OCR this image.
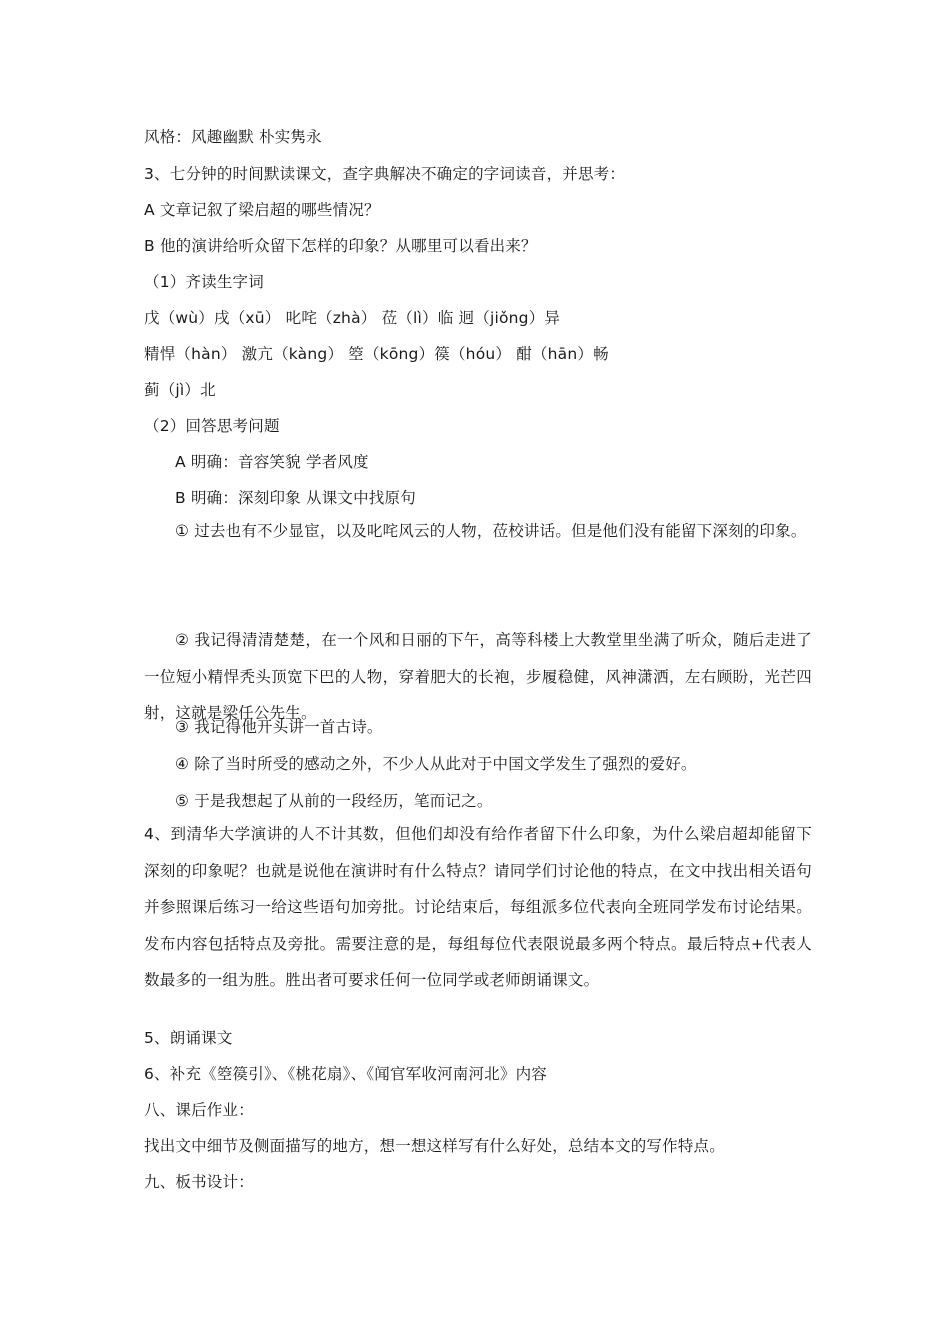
风格：风趣幽默 朴实隽永
3、七分钟的时间默读课文，查字典解决不确定的字词读音，并思考：
A 文章记叙了梁启超的哪些情况？
B 他的演讲给听众留下怎样的印象？从哪里可以看出来？
（1）齐读生字词
戊（wù）戌（xū） 叱咤（zhà） 莅（lì）临 迥（jiǒng）异
精悍（hàn） 激亢（kàng） 箜（kōng）篌（hóu） 酣（hān）畅
蓟（jì）北
（2）回答思考问题
A 明确：音容笑貌 学者风度
B 明确：深刻印象 从课文中找原句
① 过去也有不少显宦，以及叱咤风云的人物，莅校讲话。但是他们没有能留下深刻的印象。
② 我记得清清楚楚，在一个风和日丽的下午，高等科楼上大教堂里坐满了听众，随后走进了一位短小精悍秃头顶宽下巴的人物，穿着肥大的长袍，步履稳健，风神潇洒，左右顾盼，光芒四射，这就是梁任公先生。
③ 我记得他开头讲一首古诗。
④ 除了当时所受的感动之外，不少人从此对于中国文学发生了强烈的爱好。
⑤ 于是我想起了从前的一段经历，笔而记之。
4、到清华大学演讲的人不计其数，但他们却没有给作者留下什么印象，为什么梁启超却能留下深刻的印象呢？也就是说他在演讲时有什么特点？请同学们讨论他的特点，在文中找出相关语句并参照课后练习一给这些语句加旁批。讨论结束后，每组派多位代表向全班同学发布讨论结果。发布内容包括特点及旁批。需要注意的是，每组每位代表限说最多两个特点。最后特点+代表人数最多的一组为胜。胜出者可要求任何一位同学或老师朗诵课文。
5、朗诵课文
6、补充《箜篌引》、《桃花扇》、《闻官军收河南河北》内容
八、课后作业：
找出文中细节及侧面描写的地方，想一想这样写有什么好处，总结本文的写作特点。
九、板书设计：
